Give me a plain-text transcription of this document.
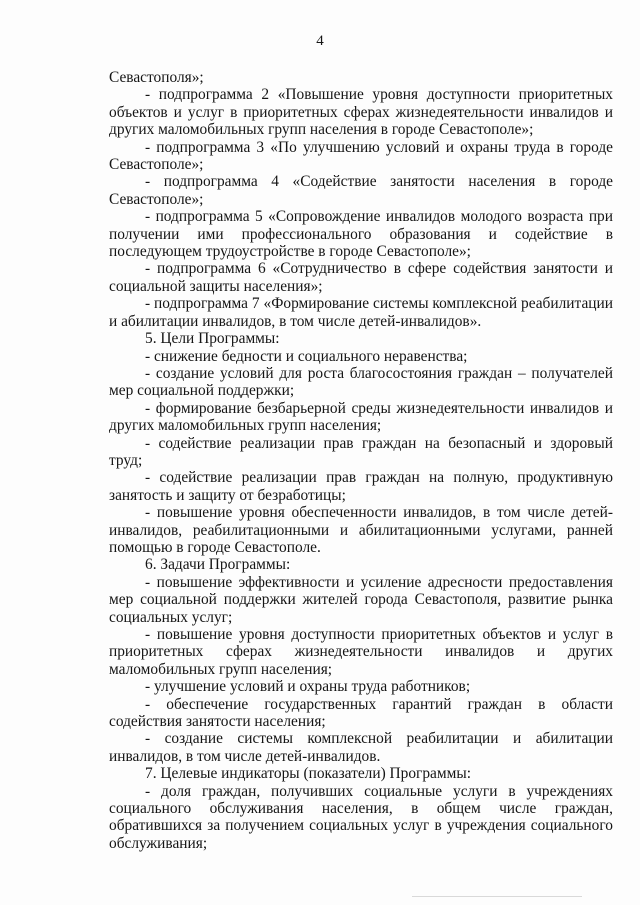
4

Севастополя»;

- подпрограмма 2 «Повышение уровня доступности приоритетных объектов и услуг в приоритетных сферах жизнедеятельности инвалидов и других маломобильных групп населения в городе Севастополе»;

- подпрограмма 3 «По улучшению условий и охраны труда в городе Севастополе»;

- подпрограмма 4 «Содействие занятости населения в городе Севастополе»;

- подпрограмма 5 «Сопровождение инвалидов молодого возраста при получении ими профессионального образования и содействие в последующем трудоустройстве в городе Севастополе»;

- подпрограмма 6 «Сотрудничество в сфере содействия занятости и социальной защиты населения»;

- подпрограмма 7 «Формирование системы комплексной реабилитации и абилитации инвалидов, в том числе детей-инвалидов».

5. Цели Программы:

- снижение бедности и социального неравенства;

- создание условий для роста благосостояния граждан – получателей мер социальной поддержки;

- формирование безбарьерной среды жизнедеятельности инвалидов и других маломобильных групп населения;

- содействие реализации прав граждан на безопасный и здоровый труд;

- содействие реализации прав граждан на полную, продуктивную занятость и защиту от безработицы;

- повышение уровня обеспеченности инвалидов, в том числе детей-инвалидов, реабилитационными и абилитационными услугами, ранней помощью в городе Севастополе.

6. Задачи Программы:

- повышение эффективности и усиление адресности предоставления мер социальной поддержки жителей города Севастополя, развитие рынка социальных услуг;

- повышение уровня доступности приоритетных объектов и услуг в приоритетных сферах жизнедеятельности инвалидов и других маломобильных групп населения;

- улучшение условий и охраны труда работников;

- обеспечение государственных гарантий граждан в области содействия занятости населения;

- создание системы комплексной реабилитации и абилитации инвалидов, в том числе детей-инвалидов.

7. Целевые индикаторы (показатели) Программы:

- доля граждан, получивших социальные услуги в учреждениях социального обслуживания населения, в общем числе граждан, обратившихся за получением социальных услуг в учреждения социального обслуживания;
